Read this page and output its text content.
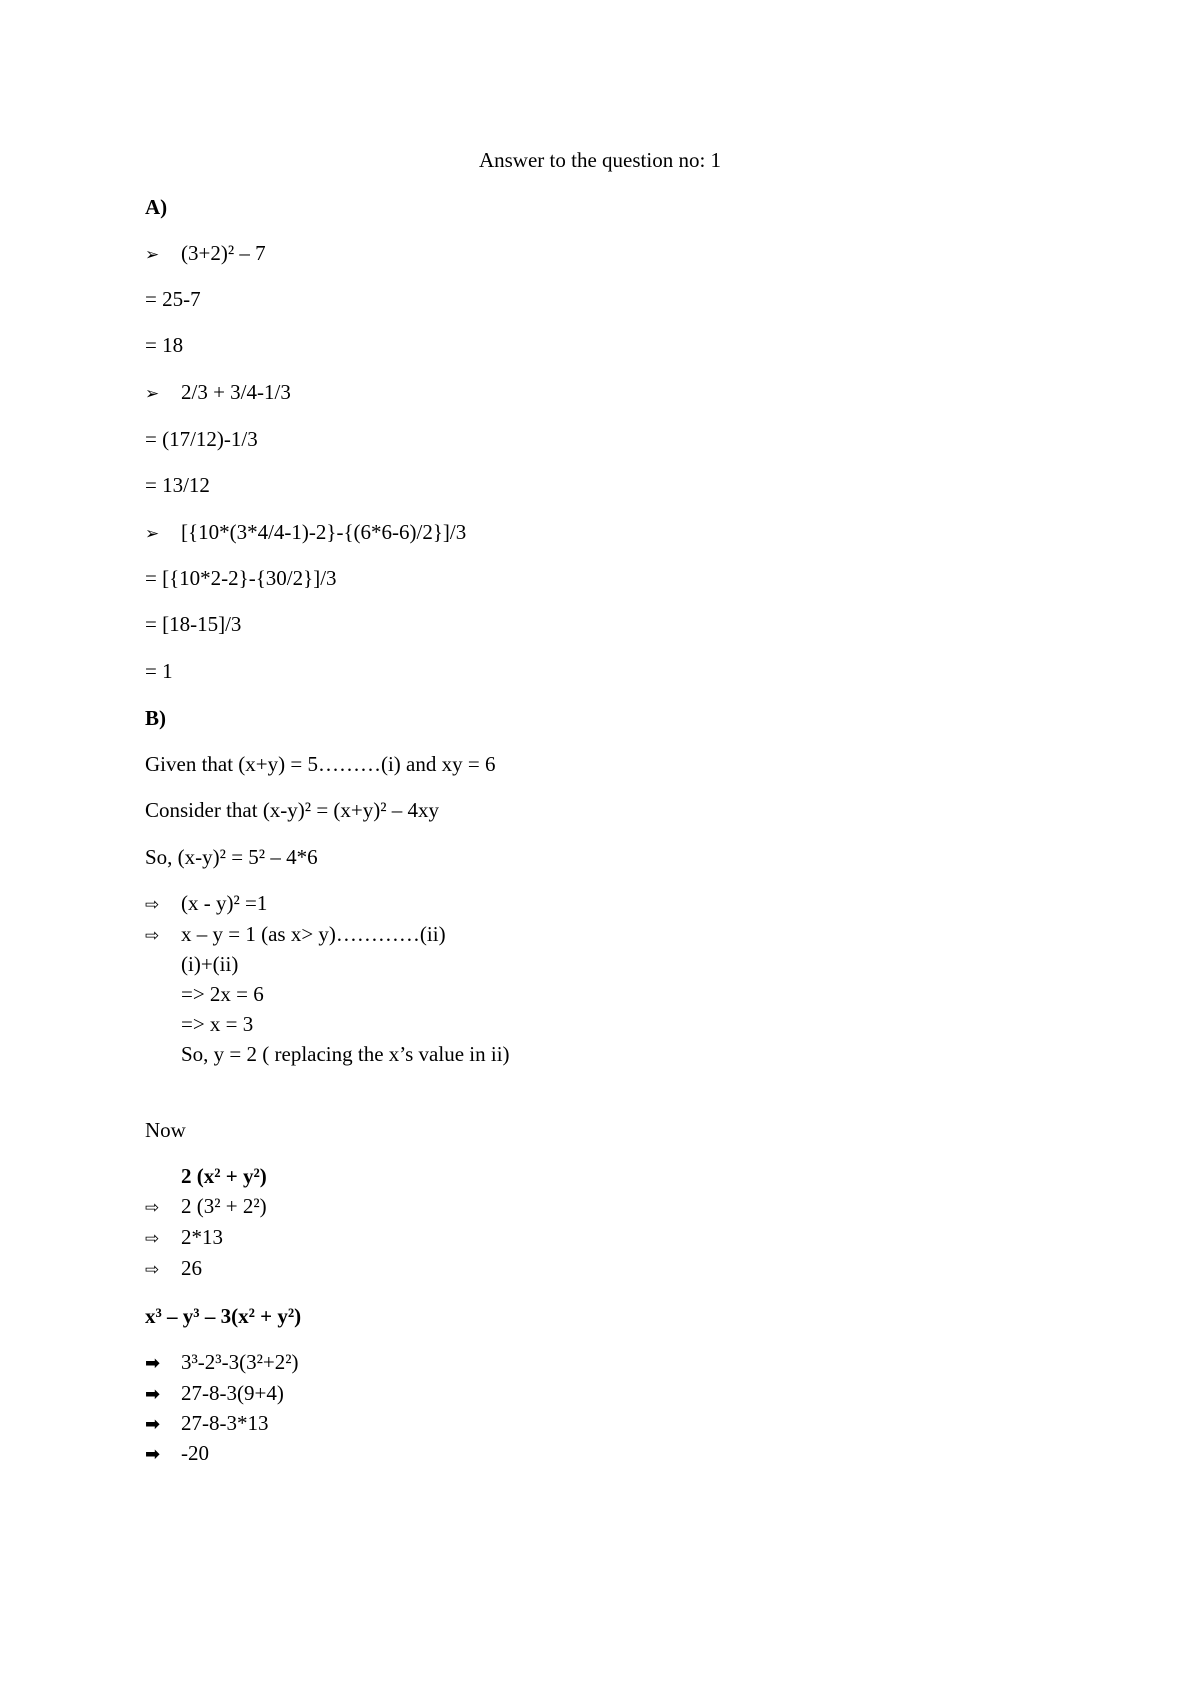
Answer to the question no: 1
A)
➢ (3+2)² – 7
= 25-7
= 18
➢ 2/3 + 3/4-1/3
= (17/12)-1/3
= 13/12
➢ [{10*(3*4/4-1)-2}-{(6*6-6)/2}]/3
= [{10*2-2}-{30/2}]/3
= [18-15]/3
= 1
B)
Given that (x+y) = 5………(i) and xy = 6
Consider that (x-y)² = (x+y)² – 4xy
So, (x-y)² = 5² – 4*6
⇨ (x - y)² =1
⇨ x – y = 1 (as x> y)…………(ii)
(i)+(ii)
=> 2x = 6
=> x = 3
So, y = 2 ( replacing the x’s value in ii)
Now
2 (x² + y²)
⇨ 2 (3² + 2²)
⇨ 2*13
⇨ 26
x³ – y³ – 3(x² + y²)
➡ 3³-2³-3(3²+2²)
➡ 27-8-3(9+4)
➡ 27-8-3*13
➡ -20
